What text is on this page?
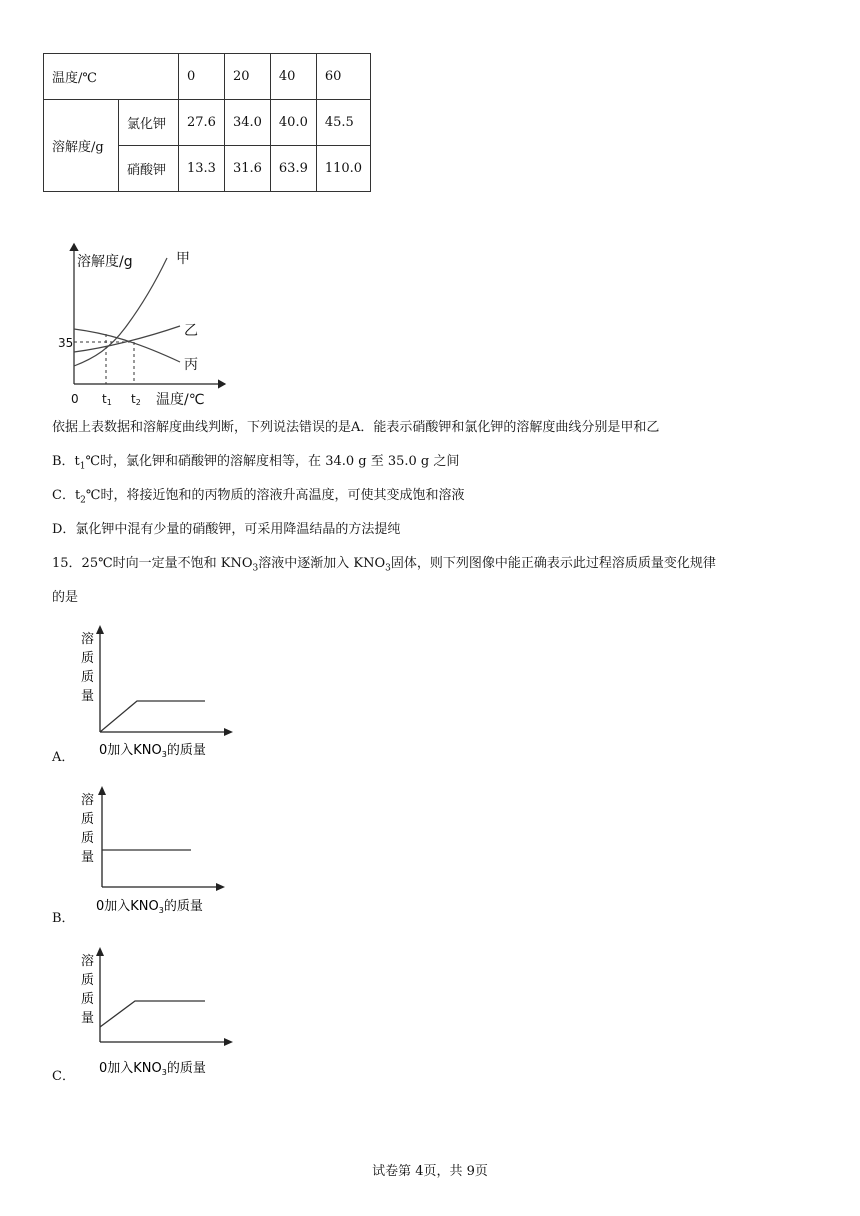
温度/℃		0	20	40	60
溶解度/g	氯化钾	27.6	34.0	40.0	45.5
	硝酸钾	13.3	31.6	63.9	110.0
溶解度/g
温度/℃
0
35
t1 t2
甲
乙
丙
依据上表数据和溶解度曲线判断，下列说法错误的是A．能表示硝酸钾和氯化钾的溶解度曲线分别是甲和乙
B．$t_1℃$时，氯化钾和硝酸钾的溶解度相等，在 34.0 g 至 35.0 g 之间
C．$t_2℃$时，将接近饱和的丙物质的溶液升高温度，可使其变成饱和溶液
D．氯化钾中混有少量的硝酸钾，可采用降温结晶的方法提纯
15．25℃时向一定量不饱和 $KNO_3$溶液中逐渐加入 $KNO_3$固体，则下列图像中能正确表示此过程溶质质量变化规律
的是
溶
质
质
量
0加入$KNO_3$的质量
A．
溶
质
质
量
0加入$KNO_3$的质量
B．
溶
质
质
量
0加入$KNO_3$的质量
C．
试卷第 4页，共 9页
